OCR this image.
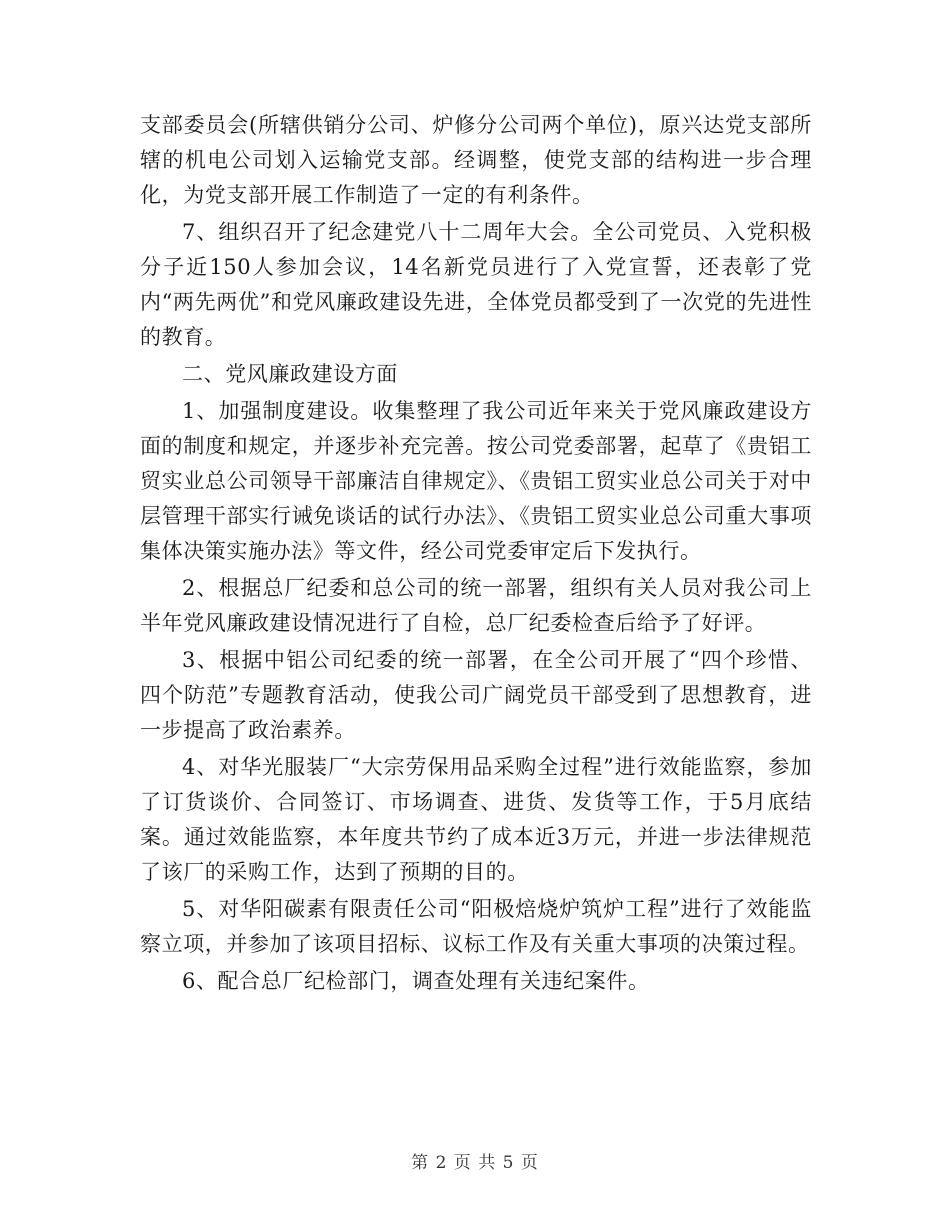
支部委员会(所辖供销分公司、炉修分公司两个单位)，原兴达党支部所辖的机电公司划入运输党支部。经调整，使党支部的结构进一步合理化，为党支部开展工作制造了一定的有利条件。

7、组织召开了纪念建党八十二周年大会。全公司党员、入党积极分子近150人参加会议，14名新党员进行了入党宣誓，还表彰了党内“两先两优”和党风廉政建设先进，全体党员都受到了一次党的先进性的教育。

二、党风廉政建设方面

1、加强制度建设。收集整理了我公司近年来关于党风廉政建设方面的制度和规定，并逐步补充完善。按公司党委部署，起草了《贵铝工贸实业总公司领导干部廉洁自律规定》、《贵铝工贸实业总公司关于对中层管理干部实行诫免谈话的试行办法》、《贵铝工贸实业总公司重大事项集体决策实施办法》等文件，经公司党委审定后下发执行。

2、根据总厂纪委和总公司的统一部署，组织有关人员对我公司上半年党风廉政建设情况进行了自检，总厂纪委检查后给予了好评。

3、根据中铝公司纪委的统一部署，在全公司开展了“四个珍惜、四个防范”专题教育活动，使我公司广阔党员干部受到了思想教育，进一步提高了政治素养。

4、对华光服装厂“大宗劳保用品采购全过程”进行效能监察，参加了订货谈价、合同签订、市场调查、进货、发货等工作，于5月底结案。通过效能监察，本年度共节约了成本近3万元，并进一步法律规范了该厂的采购工作，达到了预期的目的。

5、对华阳碳素有限责任公司“阳极焙烧炉筑炉工程”进行了效能监察立项，并参加了该项目招标、议标工作及有关重大事项的决策过程。

6、配合总厂纪检部门，调查处理有关违纪案件。

第 2 页 共 5 页
